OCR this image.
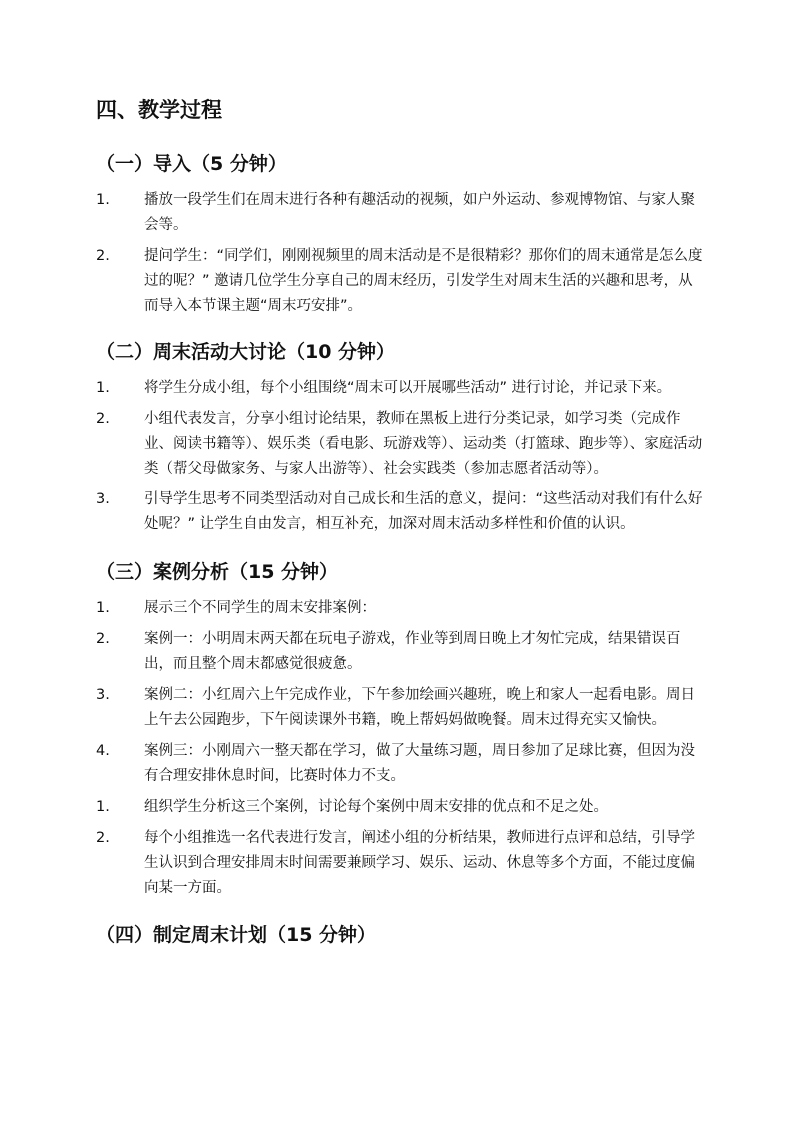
四、教学过程
（一）导入（5 分钟）
1.	播放一段学生们在周末进行各种有趣活动的视频，如户外运动、参观博物馆、与家人聚会等。
2.	提问学生：“同学们，刚刚视频里的周末活动是不是很精彩？那你们的周末通常是怎么度过的呢？” 邀请几位学生分享自己的周末经历，引发学生对周末生活的兴趣和思考，从而导入本节课主题“周末巧安排”。
（二）周末活动大讨论（10 分钟）
1.	将学生分成小组，每个小组围绕“周末可以开展哪些活动” 进行讨论，并记录下来。
2.	小组代表发言，分享小组讨论结果，教师在黑板上进行分类记录，如学习类（完成作业、阅读书籍等）、娱乐类（看电影、玩游戏等）、运动类（打篮球、跑步等）、家庭活动类（帮父母做家务、与家人出游等）、社会实践类（参加志愿者活动等）。
3.	引导学生思考不同类型活动对自己成长和生活的意义，提问：“这些活动对我们有什么好处呢？” 让学生自由发言，相互补充，加深对周末活动多样性和价值的认识。
（三）案例分析（15 分钟）
1.	展示三个不同学生的周末安排案例：
2.	案例一：小明周末两天都在玩电子游戏，作业等到周日晚上才匆忙完成，结果错误百出，而且整个周末都感觉很疲惫。
3.	案例二：小红周六上午完成作业，下午参加绘画兴趣班，晚上和家人一起看电影。周日上午去公园跑步，下午阅读课外书籍，晚上帮妈妈做晚餐。周末过得充实又愉快。
4.	案例三：小刚周六一整天都在学习，做了大量练习题，周日参加了足球比赛，但因为没有合理安排休息时间，比赛时体力不支。
1.	组织学生分析这三个案例，讨论每个案例中周末安排的优点和不足之处。
2.	每个小组推选一名代表进行发言，阐述小组的分析结果，教师进行点评和总结，引导学生认识到合理安排周末时间需要兼顾学习、娱乐、运动、休息等多个方面，不能过度偏向某一方面。
（四）制定周末计划（15 分钟）
